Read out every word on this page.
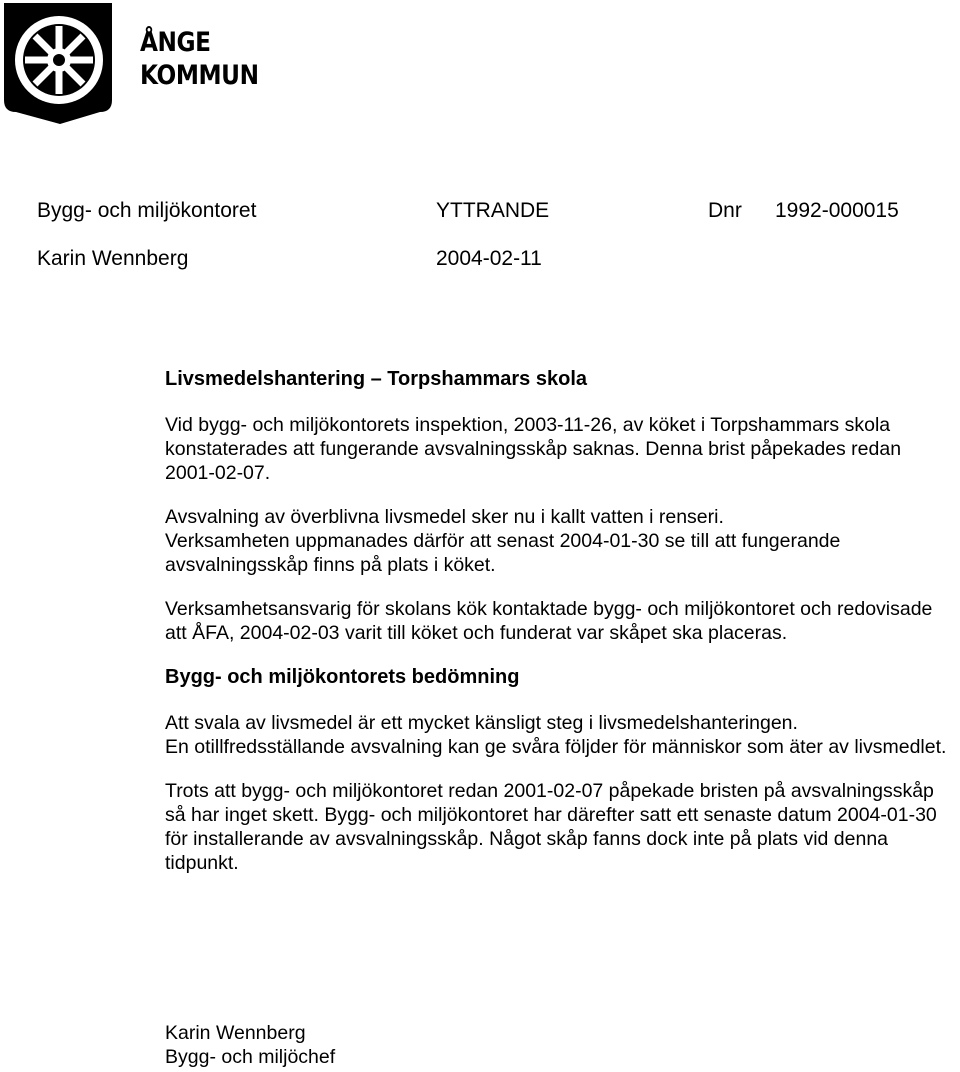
ÅNGE
KOMMUN
Bygg- och miljökontoret	YTTRANDE	Dnr 1992-000015
Karin Wennberg	2004-02-11
Livsmedelshantering – Torpshammars skola

Vid bygg- och miljökontorets inspektion, 2003-11-26, av köket i Torpshammars skola konstaterades att fungerande avsvalningsskåp saknas. Denna brist påpekades redan 2001-02-07.

Avsvalning av överblivna livsmedel sker nu i kallt vatten i renseri.

Verksamheten uppmanades därför att senast 2004-01-30 se till att fungerande avsvalningsskåp finns på plats i köket.

Verksamhetsansvarig för skolans kök kontaktade bygg- och miljökontoret och redovisade att ÅFA, 2004-02-03 varit till köket och funderat var skåpet ska placeras.

Bygg- och miljökontorets bedömning

Att svala av livsmedel är ett mycket känsligt steg i livsmedelshanteringen.

En otillfredsställande avsvalning kan ge svåra följder för människor som äter av livsmedlet.

Trots att bygg- och miljökontoret redan 2001-02-07 påpekade bristen på avsvalningsskåp så har inget skett. Bygg- och miljökontoret har därefter satt ett senaste datum 2004-01-30 för installerande av avsvalningsskåp. Något skåp fanns dock inte på plats vid denna tidpunkt.

Karin Wennberg
Bygg- och miljöchef
